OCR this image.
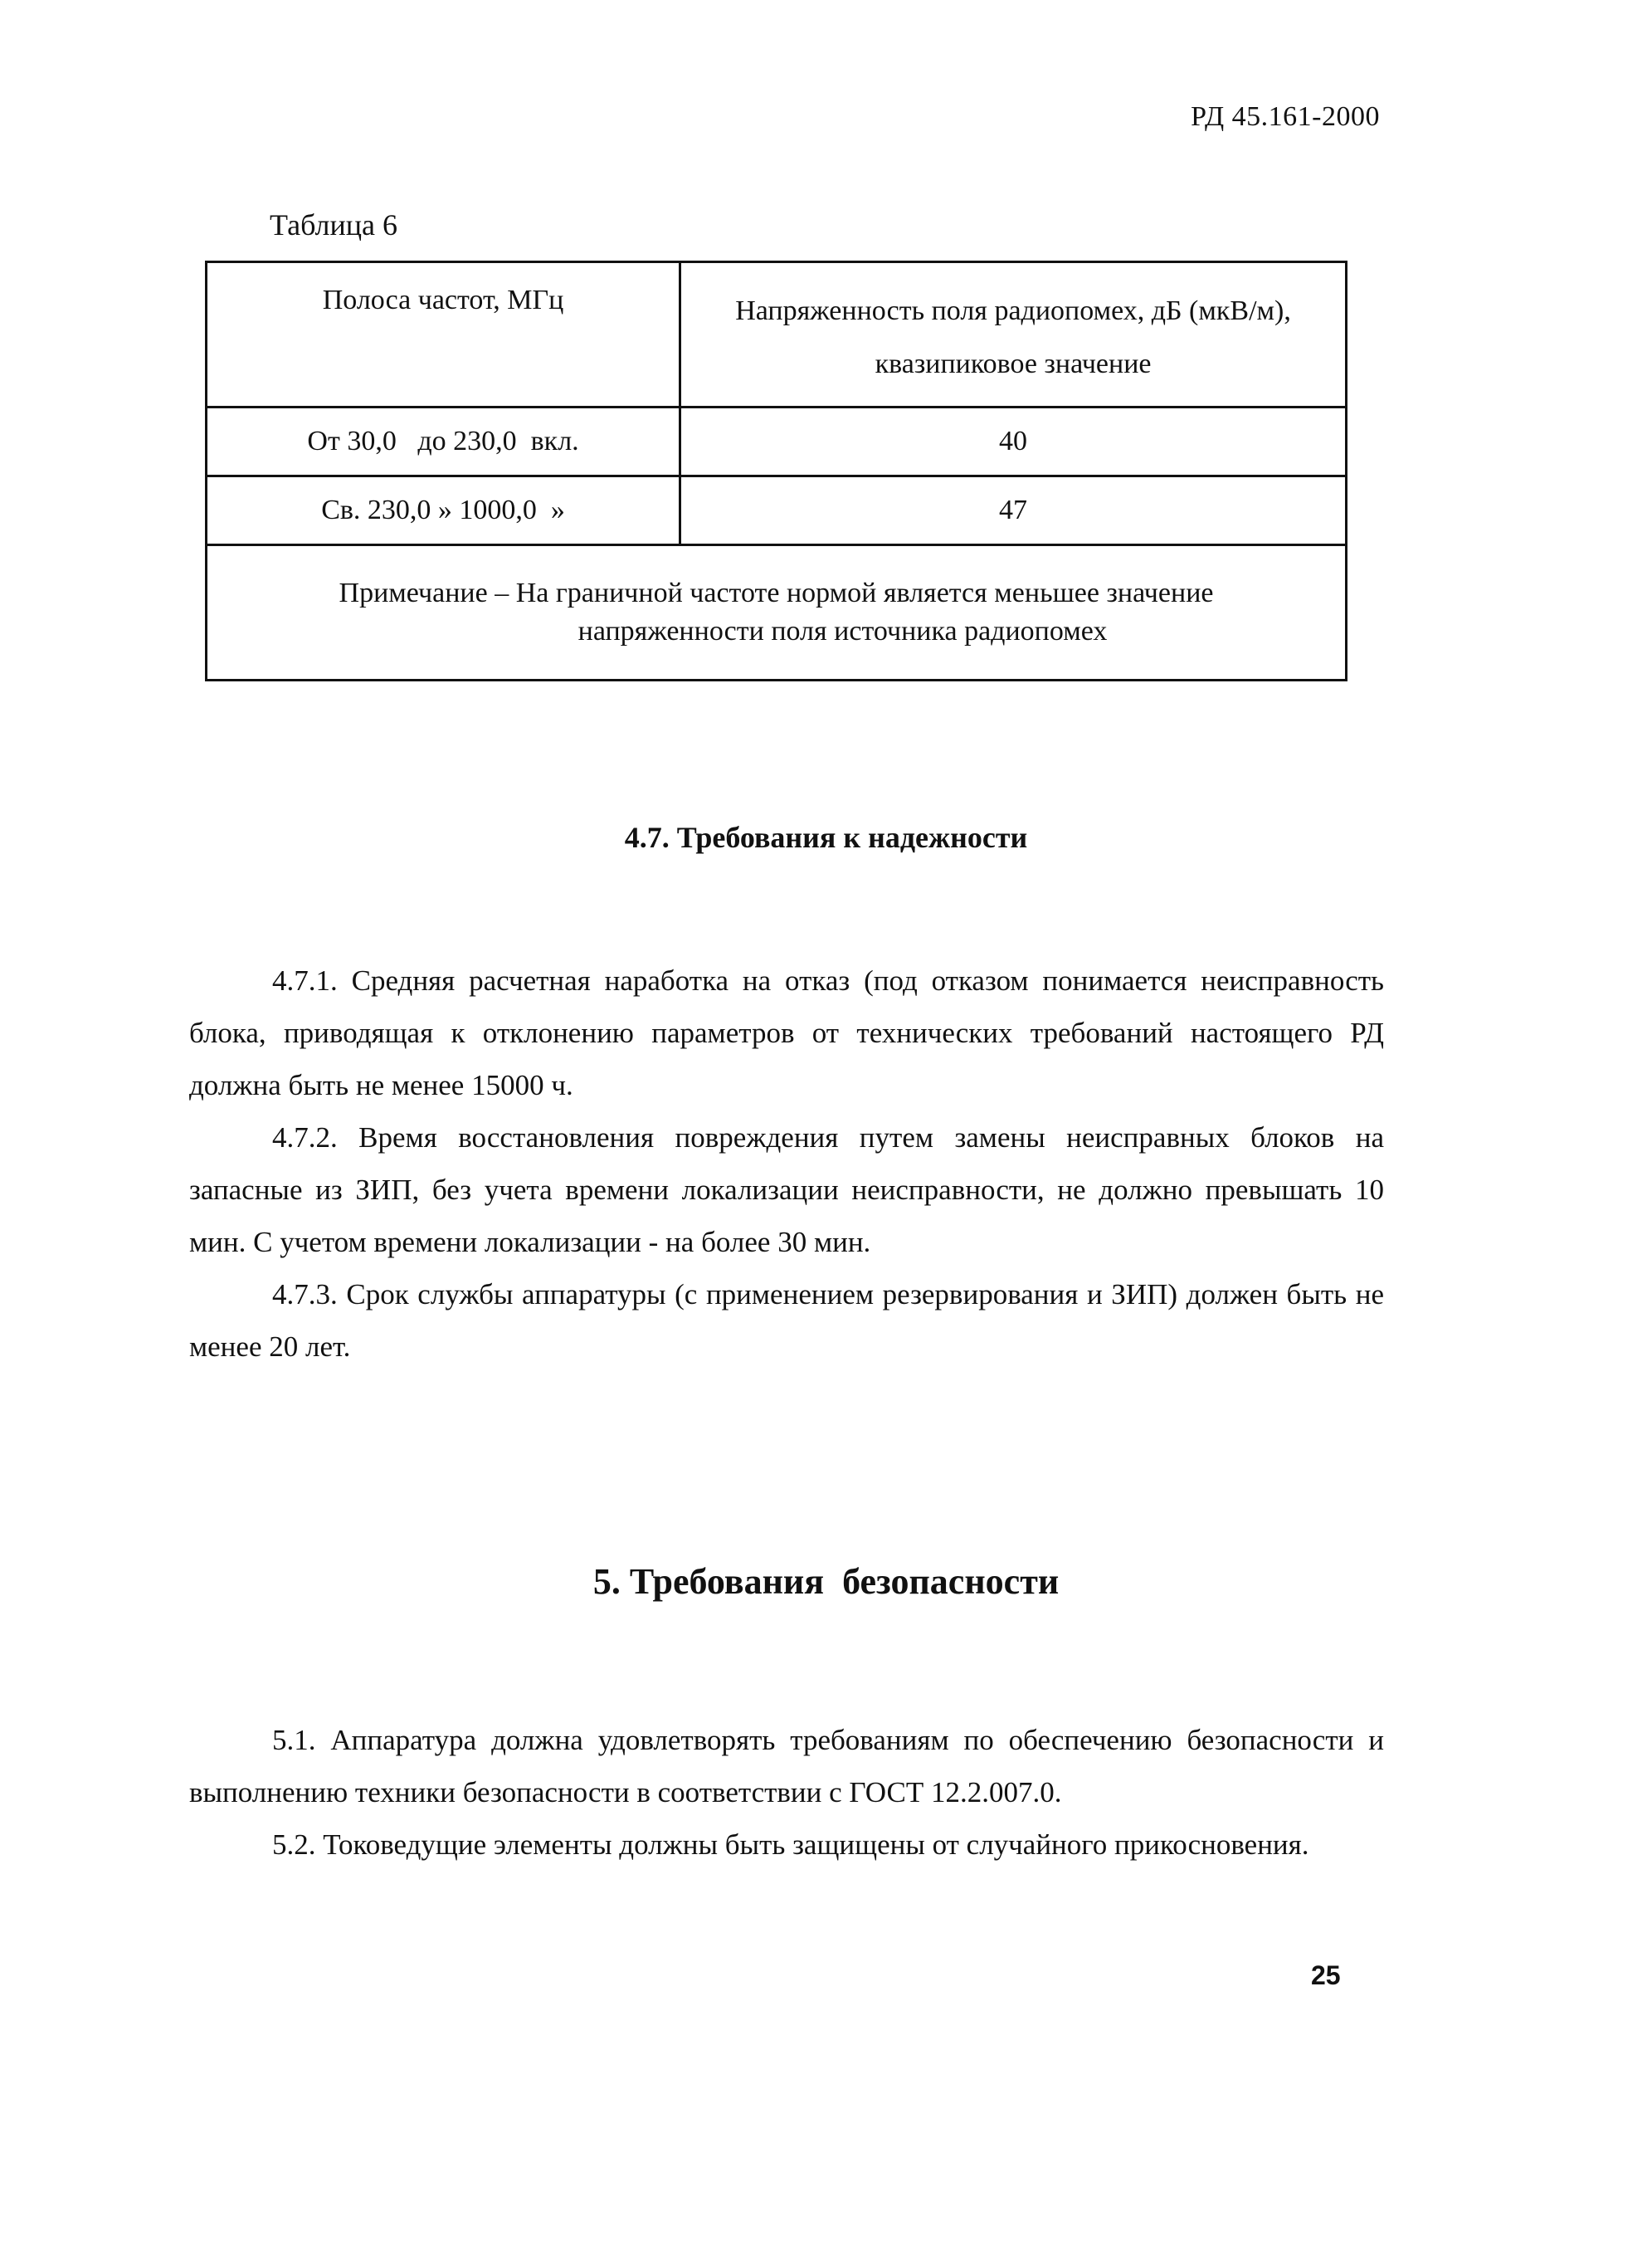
РД 45.161-2000
Таблица 6
Полоса частот, МГц	Напряженность поля радиопомех, дБ (мкВ/м),
квазипиковое значение
От 30,0   до 230,0  вкл.	40
Св. 230,0 » 1000,0  »	47
Примечание – На граничной частоте нормой является меньшее значение
напряженности поля источника радиопомех	
4.7. Требования к надежности
4.7.1. Средняя расчетная наработка на отказ (под отказом понимается неисправность блока, приводящая к отклонению параметров от технических требований настоящего РД должна быть не менее 15000 ч.
4.7.2. Время восстановления повреждения путем замены неисправных блоков на запасные из ЗИП, без учета времени локализации неисправности, не должно превышать 10 мин. С учетом времени локализации - на более 30 мин.
4.7.3. Срок службы аппаратуры (с применением резервирования и ЗИП) должен быть не менее 20 лет.
5. Требования  безопасности
5.1. Аппаратура должна удовлетворять требованиям по обеспечению безопасности и выполнению техники безопасности в соответствии с ГОСТ 12.2.007.0.
5.2. Токоведущие элементы должны быть защищены от случайного прикосновения.
25
